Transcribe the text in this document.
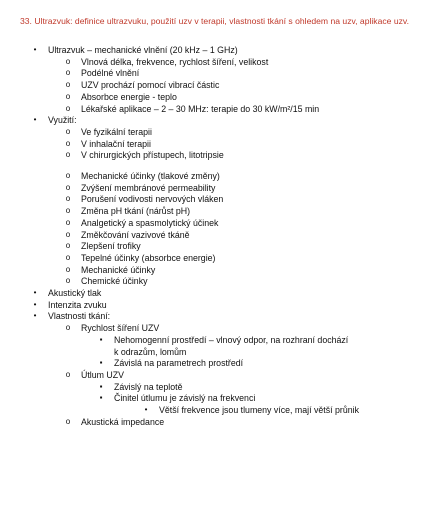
33. Ultrazvuk: definice ultrazvuku, použití uzv v terapii, vlastnosti tkání s ohledem na uzv, aplikace uzv.
Ultrazvuk – mechanické vlnění (20 kHz – 1 GHz)
•
Vlnová délka, frekvence, rychlost šíření, velikost
o
Podélné vlnění
o
UZV prochází pomocí vibrací částic
o
Absorbce energie - teplo
o
Lékařské aplikace – 2 – 30 MHz: terapie do 30 kW/m²/15 min
o
Využití:
•
Ve fyzikální terapii
o
V inhalační terapii
o
V chirurgických přístupech, litotripsie
o
Mechanické účinky (tlakové změny)
o
Zvýšení membránové permeability
o
Porušení vodivosti nervových vláken
o
Změna pH tkání (nárůst pH)
o
Analgetický a spasmolytický účinek
o
Změkčování vazivové tkáně
o
Zlepšení trofiky
o
Tepelné účinky (absorbce energie)
o
Mechanické účinky
o
Chemické účinky
o
Akustický tlak
•
Intenzita zvuku
•
Vlastnosti tkání:
•
Rychlost šíření UZV
o
Nehomogenní prostředí – vlnový odpor, na rozhraní dochází
▪
k odrazům, lomům
Závislá na parametrech prostředí
▪
Útlum UZV
o
Závislý na teplotě
▪
Činitel útlumu je závislý na frekvenci
▪
Větší frekvence jsou tlumeny více, mají větší průnik
•
Akustická impedance
o
